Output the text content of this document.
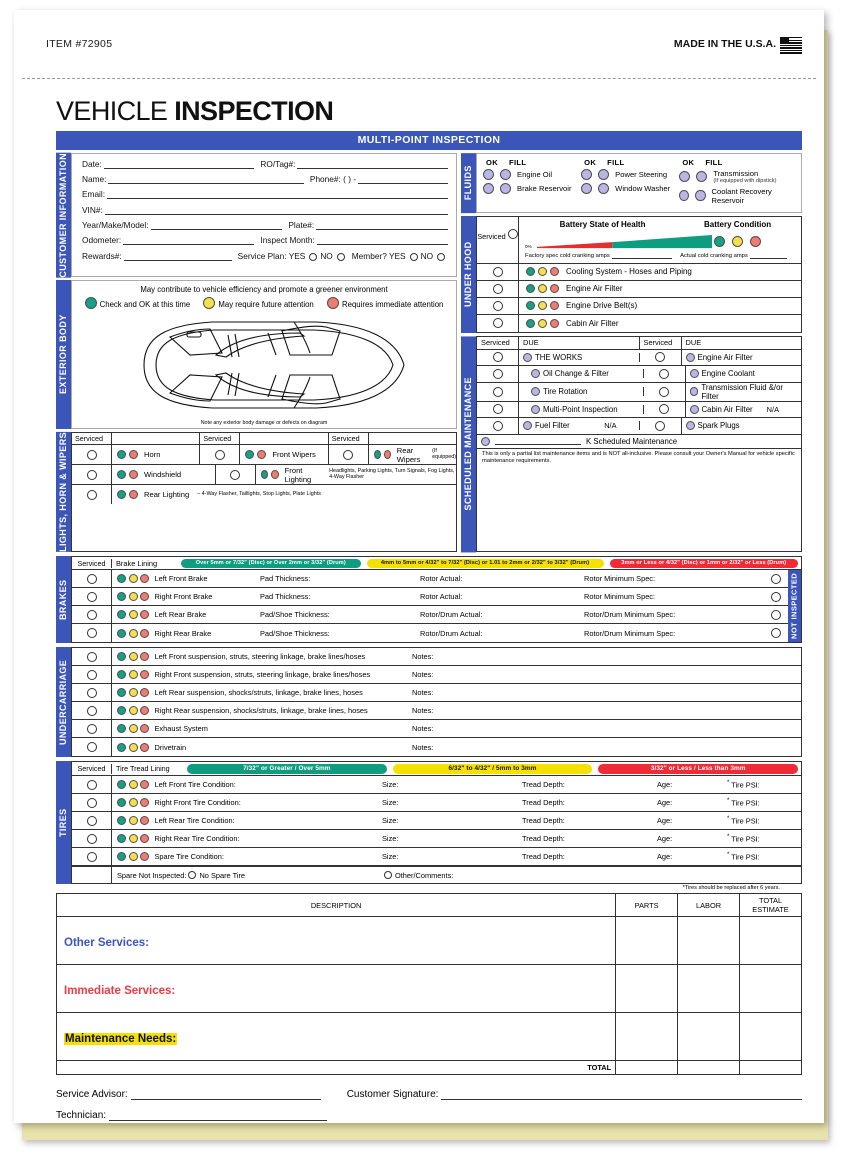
ITEM #72905	MADE IN THE U.S.A.
VEHICLE INSPECTION
MULTI-POINT INSPECTION
CUSTOMER INFORMATION	Date:	RO/Tag#:
Name:	Phone#: ( ) -
Email:
VIN#:
Year/Make/Model:	Plate#:
Odometer:	Inspect Month:
Rewards#:	Service Plan: YES NO Member? YES NO
EXTERIOR BODY
May contribute to vehicle efficiency and promote a greener environment
Check and OK at this time	May require future attention	Requires immediate attention
Note any exterior body damage or defects on diagram
LIGHTS, HORN & WIPERS	Serviced
	Serviced
	Serviced

Horn	Front Wipers	Rear Wipers
(If equipped)
Windshield	Front Lighting
Headlights, Parking Lights, Turn Signals, Fog Lights, 4-Way Flasher
Rear Lighting – 4-Way Flasher, Taillights, Stop Lights, Plate Lights
FLUIDS
OK FILL
Engine Oil
Brake Reservoir
OK FILL
Power Steering
Window Washer
OK FILL
Transmission
(If equipped with dipstick)
Coolant Recovery Reservoir
UNDER HOOD
Serviced
Battery State of Health	Battery Condition
0%
Factory spec cold cranking amps	Actual cold cranking amps
Cooling System - Hoses and Piping
Engine Air Filter
Engine Drive Belt(s)
Cabin Air Filter
SCHEDULED MAINTENANCE
Serviced	DUE	Serviced	DUE
THE WORKS	Engine Air Filter
Oil Change & Filter	Engine Coolant
Tire Rotation	Transmission Fluid &/or Filter
Multi-Point Inspection	Cabin Air Filter N/A
Fuel Filter	N/A	Spark Plugs
K Scheduled Maintenance
This is only a partial list maintenance items and is NOT all-inclusive. Please consult your Owner's Manual for vehicle specific maintenance requirements.
BRAKES
Serviced	Brake Lining	Over 5mm or 7/32" (Disc) or Over 2mm or 3/32" (Drum)	4mm to 5mm or 4/32" to 7/32" (Disc) or 1.01 to 2mm or 2/32" to 3/32" (Drum)	3mm or Less or 4/32" (Disc) or 1mm or 2/32" or Less (Drum)
Left Front Brake	Pad Thickness:	Rotor Actual:	Rotor Minimum Spec:
Right Front Brake	Pad Thickness:	Rotor Actual:	Rotor Minimum Spec:
Left Rear Brake	Pad/Shoe Thickness:	Rotor/Drum Actual:	Rotor/Drum Minimum Spec:
Right Rear Brake	Pad/Shoe Thickness:	Rotor/Drum Actual:	Rotor/Drum Minimum Spec:	NOT INSPECTED
UNDERCARRIAGE
Left Front suspension, struts, steering linkage, brake lines/hoses	Notes:
Right Front suspension, struts, steering linkage, brake lines/hoses	Notes:
Left Rear suspension, shocks/struts, linkage, brake lines, hoses	Notes:
Right Rear suspension, shocks/struts, linkage, brake lines, hoses	Notes:
Exhaust System	Notes:
Drivetrain	Notes:
TIRES
Serviced	Tire Tread Lining	7/32" or Greater / Over 5mm	6/32" to 4/32" / 5mm to 3mm	3/32" or Less / Less than 3mm
Left Front Tire Condition:	Size:	Tread Depth:	Age:	* Tire PSI:
Right Front Tire Condition:	Size:	Tread Depth:	Age:	* Tire PSI:
Left Rear Tire Condition:	Size:	Tread Depth:	Age:	* Tire PSI:
Right Rear Tire Condition:	Size:	Tread Depth:	Age:	* Tire PSI:
Spare Tire Condition:	Size:	Tread Depth:	Age:	* Tire PSI:
Spare Not Inspected: No Spare Tire	Other/Comments:
*Tires should be replaced after 6 years.
DESCRIPTION	PARTS	LABOR	TOTAL ESTIMATE

Other Services:			

Immediate Services:			

Maintenance Needs:			

TOTAL			
Service Advisor:	Customer Signature:
Technician:
